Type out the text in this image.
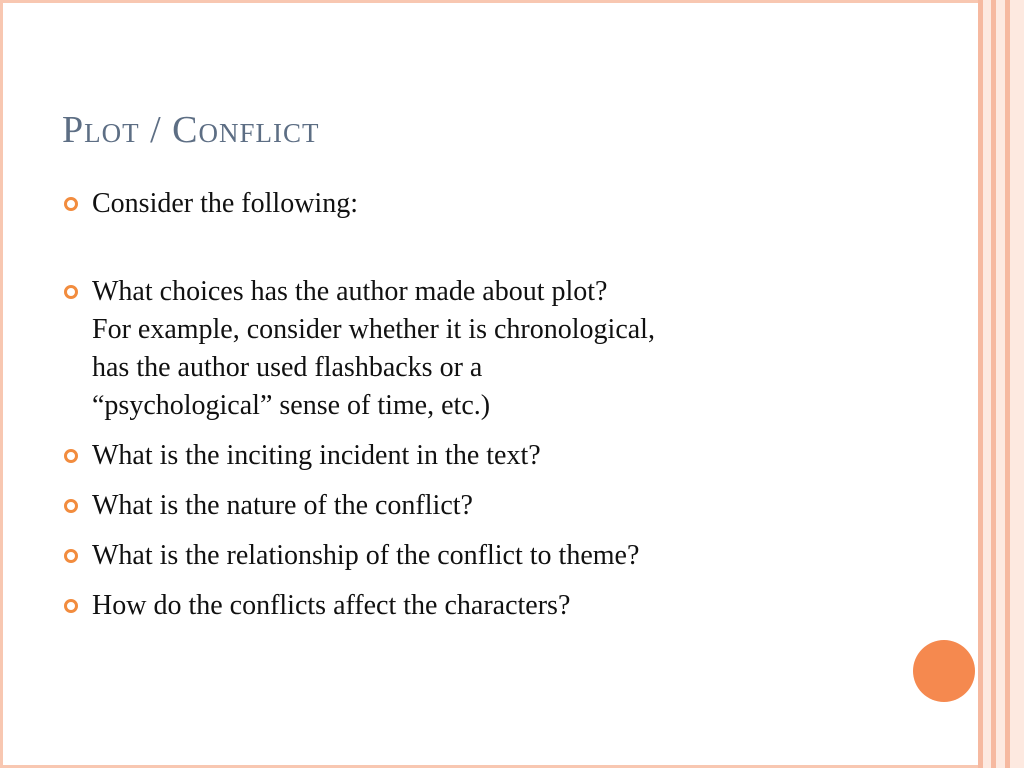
Plot / Conflict
Consider the following:
What choices has the author made about plot?
For example, consider whether it is chronological,
has the author used flashbacks or a
“psychological” sense of time, etc.)
What is the inciting incident in the text?
What is the nature of the conflict?
What is the relationship of the conflict to theme?
How do the conflicts affect the characters?
